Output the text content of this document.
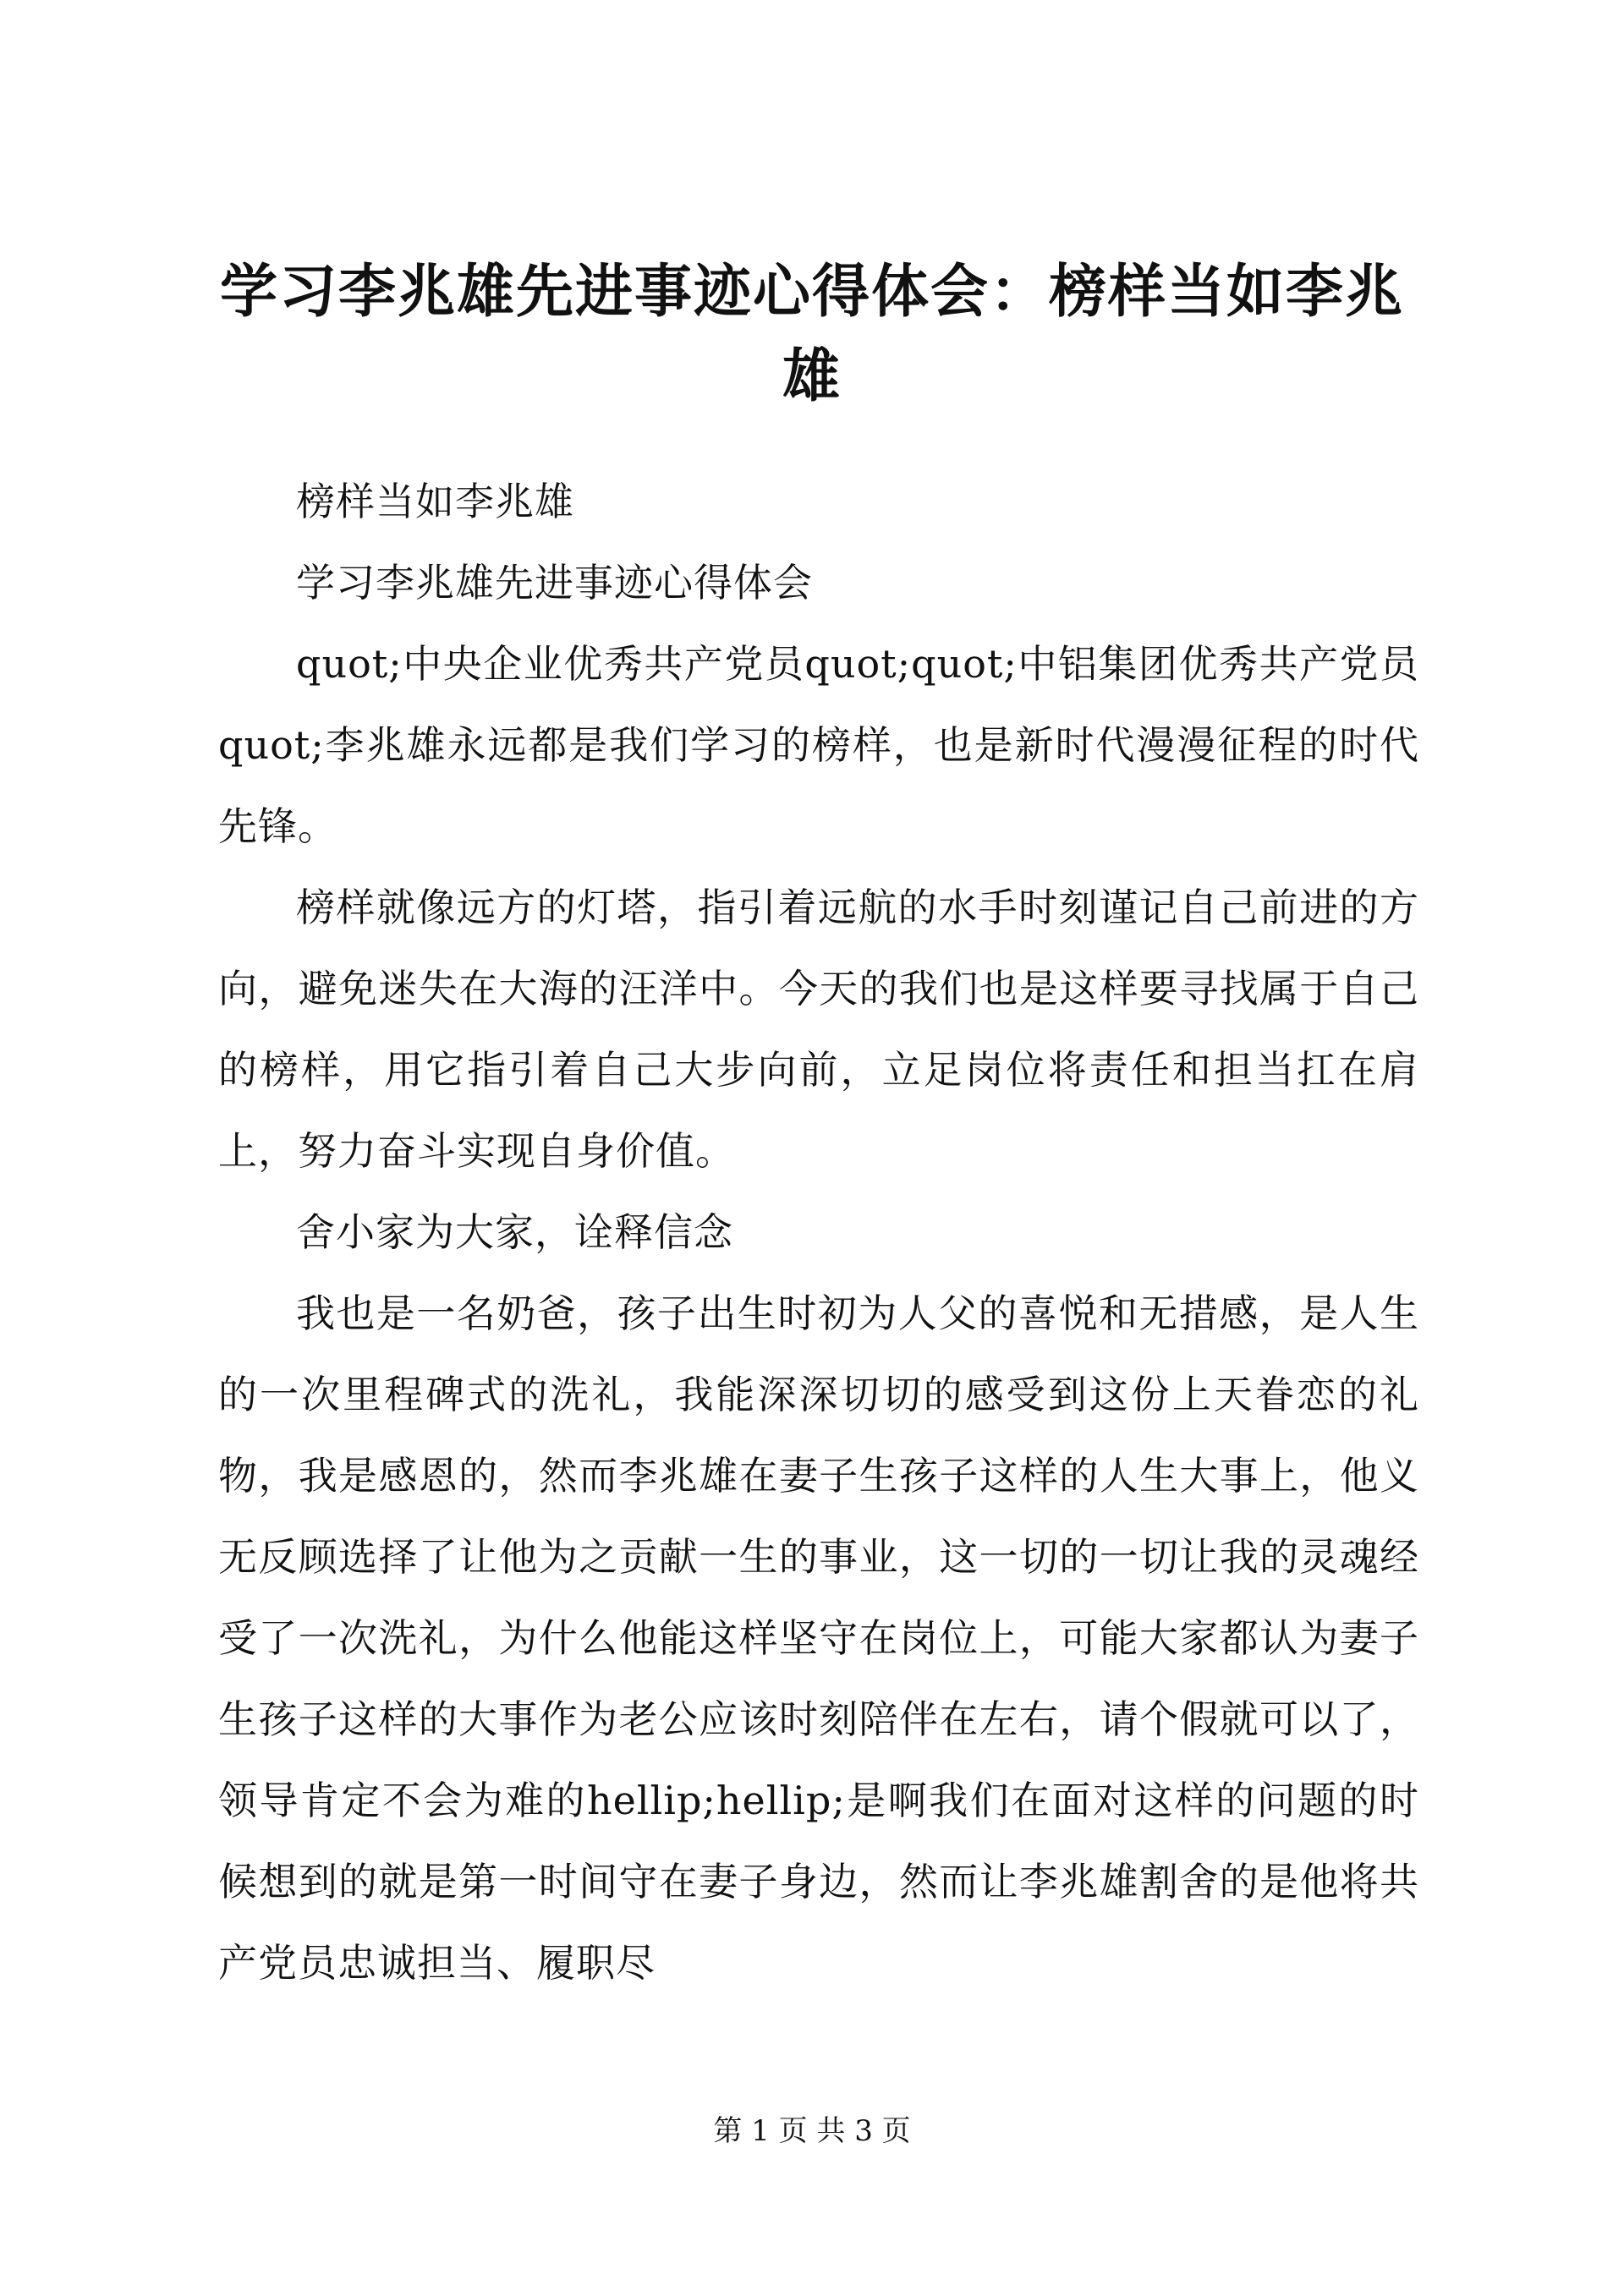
学习李兆雄先进事迹心得体会：榜样当如李兆雄

榜样当如李兆雄

学习李兆雄先进事迹心得体会

quot;中央企业优秀共产党员quot;quot;中铝集团优秀共产党员quot;李兆雄永远都是我们学习的榜样，也是新时代漫漫征程的时代先锋。

榜样就像远方的灯塔，指引着远航的水手时刻谨记自己前进的方向，避免迷失在大海的汪洋中。今天的我们也是这样要寻找属于自己的榜样，用它指引着自己大步向前，立足岗位将责任和担当扛在肩上，努力奋斗实现自身价值。

舍小家为大家，诠释信念

我也是一名奶爸，孩子出生时初为人父的喜悦和无措感，是人生的一次里程碑式的洗礼，我能深深切切的感受到这份上天眷恋的礼物，我是感恩的，然而李兆雄在妻子生孩子这样的人生大事上，他义无反顾选择了让他为之贡献一生的事业，这一切的一切让我的灵魂经受了一次洗礼，为什么他能这样坚守在岗位上，可能大家都认为妻子生孩子这样的大事作为老公应该时刻陪伴在左右，请个假就可以了，领导肯定不会为难的hellip;hellip;是啊我们在面对这样的问题的时候想到的就是第一时间守在妻子身边，然而让李兆雄割舍的是他将共产党员忠诚担当、履职尽

第 1 页 共 3 页
